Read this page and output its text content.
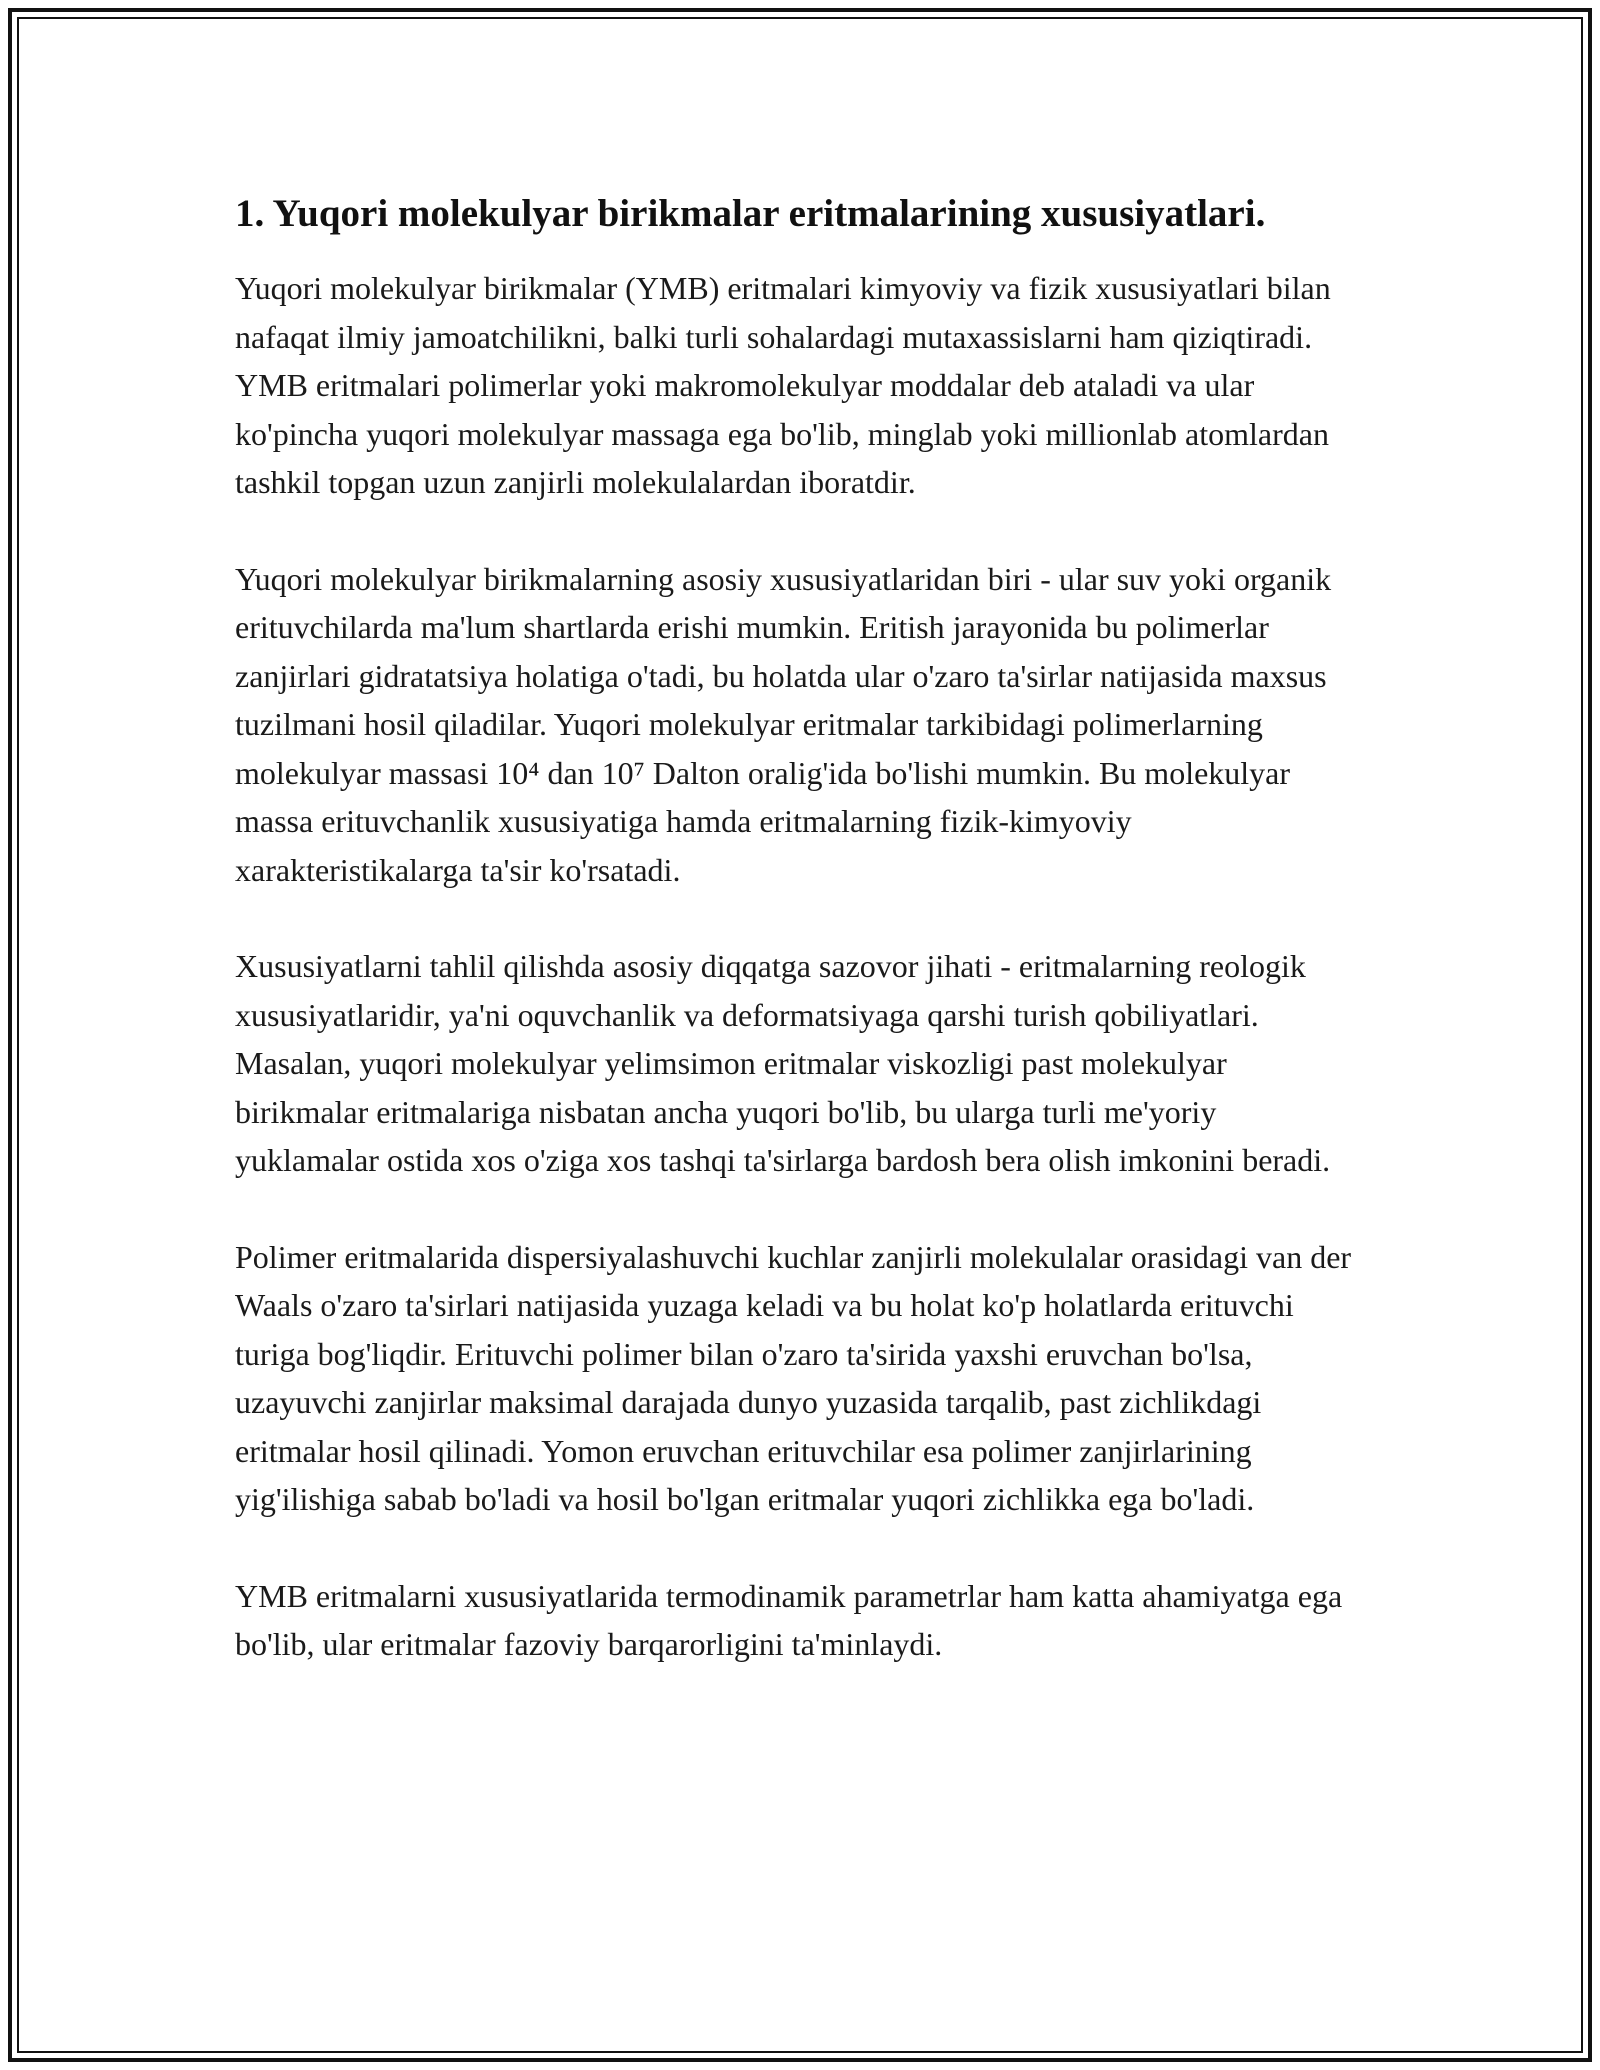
1. Yuqori molekulyar birikmalar eritmalarining xususiyatlari.

Yuqori molekulyar birikmalar (YMB) eritmalari kimyoviy va fizik xususiyatlari bilan nafaqat ilmiy jamoatchilikni, balki turli sohalardagi mutaxassislarni ham qiziqtiradi. YMB eritmalari polimerlar yoki makromolekulyar moddalar deb ataladi va ular ko'pincha yuqori molekulyar massaga ega bo'lib, minglab yoki millionlab atomlardan tashkil topgan uzun zanjirli molekulalardan iboratdir.

Yuqori molekulyar birikmalarning asosiy xususiyatlaridan biri - ular suv yoki organik erituvchilarda ma'lum shartlarda erishi mumkin. Eritish jarayonida bu polimerlar zanjirlari gidratatsiya holatiga o'tadi, bu holatda ular o'zaro ta'sirlar natijasida maxsus tuzilmani hosil qiladilar. Yuqori molekulyar eritmalar tarkibidagi polimerlarning molekulyar massasi 10⁴ dan 10⁷ Dalton oralig'ida bo'lishi mumkin. Bu molekulyar massa erituvchanlik xususiyatiga hamda eritmalarning fizik-kimyoviy xarakteristikalarga ta'sir ko'rsatadi.

Xususiyatlarni tahlil qilishda asosiy diqqatga sazovor jihati - eritmalarning reologik xususiyatlaridir, ya'ni oquvchanlik va deformatsiyaga qarshi turish qobiliyatlari. Masalan, yuqori molekulyar yelimsimon eritmalar viskozligi past molekulyar birikmalar eritmalariga nisbatan ancha yuqori bo'lib, bu ularga turli me'yoriy yuklamalar ostida xos o'ziga xos tashqi ta'sirlarga bardosh bera olish imkonini beradi.

Polimer eritmalarida dispersiyalashuvchi kuchlar zanjirli molekulalar orasidagi van der Waals o'zaro ta'sirlari natijasida yuzaga keladi va bu holat ko'p holatlarda erituvchi turiga bog'liqdir. Erituvchi polimer bilan o'zaro ta'sirida yaxshi eruvchan bo'lsa, uzayuvchi zanjirlar maksimal darajada dunyo yuzasida tarqalib, past zichlikdagi eritmalar hosil qilinadi. Yomon eruvchan erituvchilar esa polimer zanjirlarining yig'ilishiga sabab bo'ladi va hosil bo'lgan eritmalar yuqori zichlikka ega bo'ladi.

YMB eritmalarni xususiyatlarida termodinamik parametrlar ham katta ahamiyatga ega bo'lib, ular eritmalar fazoviy barqarorligini ta'minlaydi.
